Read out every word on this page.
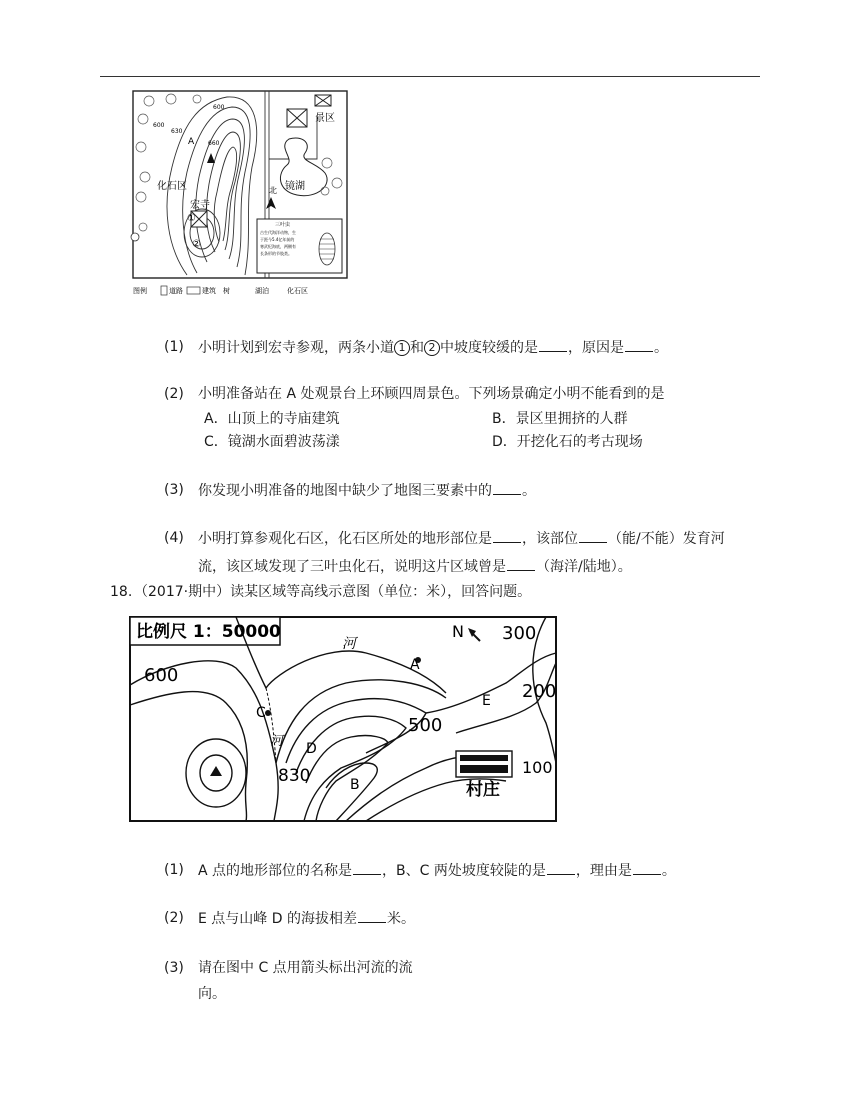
景区
镜湖
化石区
宏寺
北
A
①
②
600
600
630
660
三叶虫
古生代海洋动物，生
于距今5.4亿年前的
寒武纪海底，两侧有
长条形的节肢类。
图例	道路	建筑 树	湖泊	化石区
(1) 小明计划到宏寺参观，两条小道 1 和 2 中坡度较缓的是 ，原因是 。
(2) 小明准备站在 A 处观景台上环顾四周景色。下列场景确定小明不能看到的是
A．山顶上的寺庙建筑	B．景区里拥挤的人群
C．镜湖水面碧波荡漾	D．开挖化石的考古现场
(3) 你发现小明准备的地图中缺少了地图三要素中的 。
(4) 小明打算参观化石区，化石区所处的地形部位是 ，该部位 （能/不能）发育河
流，该区域发现了三叶虫化石，说明这片区域曾是 （海洋/陆地）。
18. （2017·期中）读某区域等高线示意图（单位：米），回答问题。
比例尺 1：50000	N 300
200
600
500
830	100
村庄
河
河
A
B
C
D
E
(1) A 点的地形部位的名称是 ，B、C 两处坡度较陡的是 ，理由是 。
(2) E 点与山峰 D 的海拔相差 米。
(3) 请在图中 C 点用箭头标出河流的流
向。
